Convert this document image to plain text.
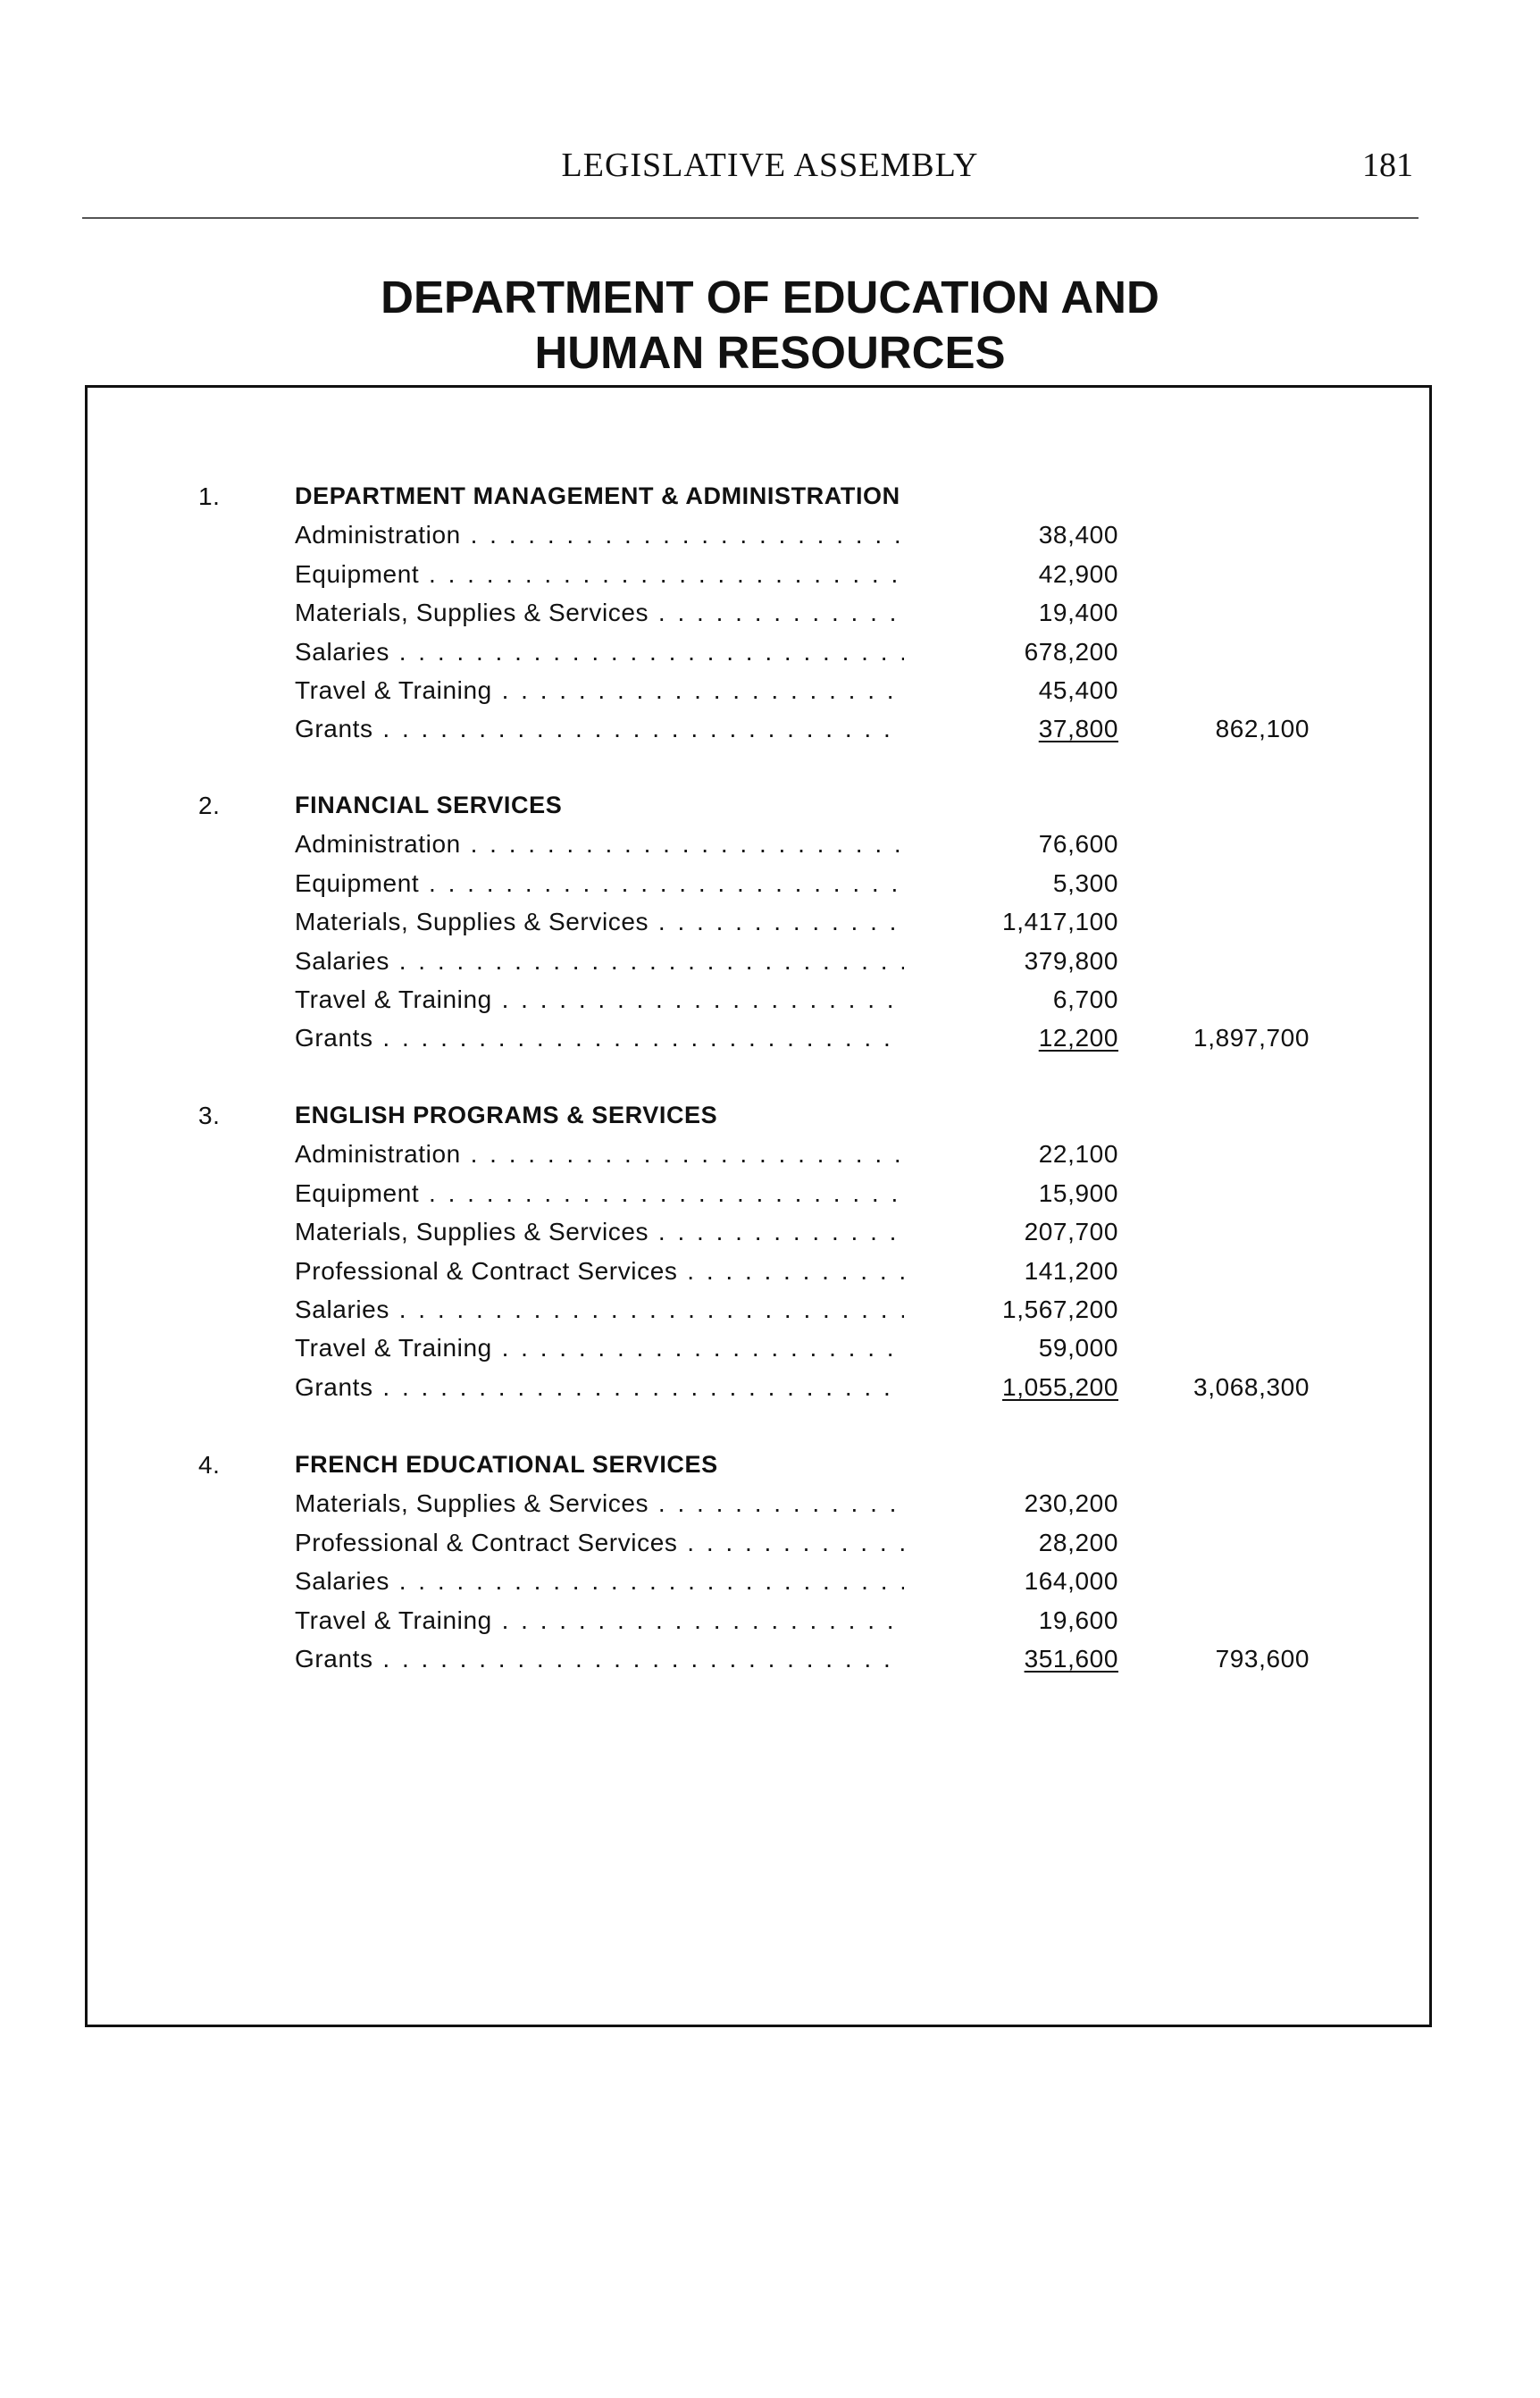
LEGISLATIVE ASSEMBLY	181
DEPARTMENT OF EDUCATION AND
HUMAN RESOURCES
1.	DEPARTMENT MANAGEMENT & ADMINISTRATION
Administration . . .	38,400
Equipment . . .	42,900
Materials, Supplies & Services . . .	19,400
Salaries . . .	678,200
Travel & Training . . .	45,400
Grants . . .	37,800	862,100
2.	FINANCIAL SERVICES
Administration . . .	76,600
Equipment . . .	5,300
Materials, Supplies & Services . . .	1,417,100
Salaries . . .	379,800
Travel & Training . . .	6,700
Grants . . .	12,200	1,897,700
3.	ENGLISH PROGRAMS & SERVICES
Administration . . .	22,100
Equipment . . .	15,900
Materials, Supplies & Services . . .	207,700
Professional & Contract Services . . .	141,200
Salaries . . .	1,567,200
Travel & Training . . .	59,000
Grants . . .	1,055,200	3,068,300
4.	FRENCH EDUCATIONAL SERVICES
Materials, Supplies & Services . . .	230,200
Professional & Contract Services . . .	28,200
Salaries . . .	164,000
Travel & Training . . .	19,600
Grants . . .	351,600	793,600
